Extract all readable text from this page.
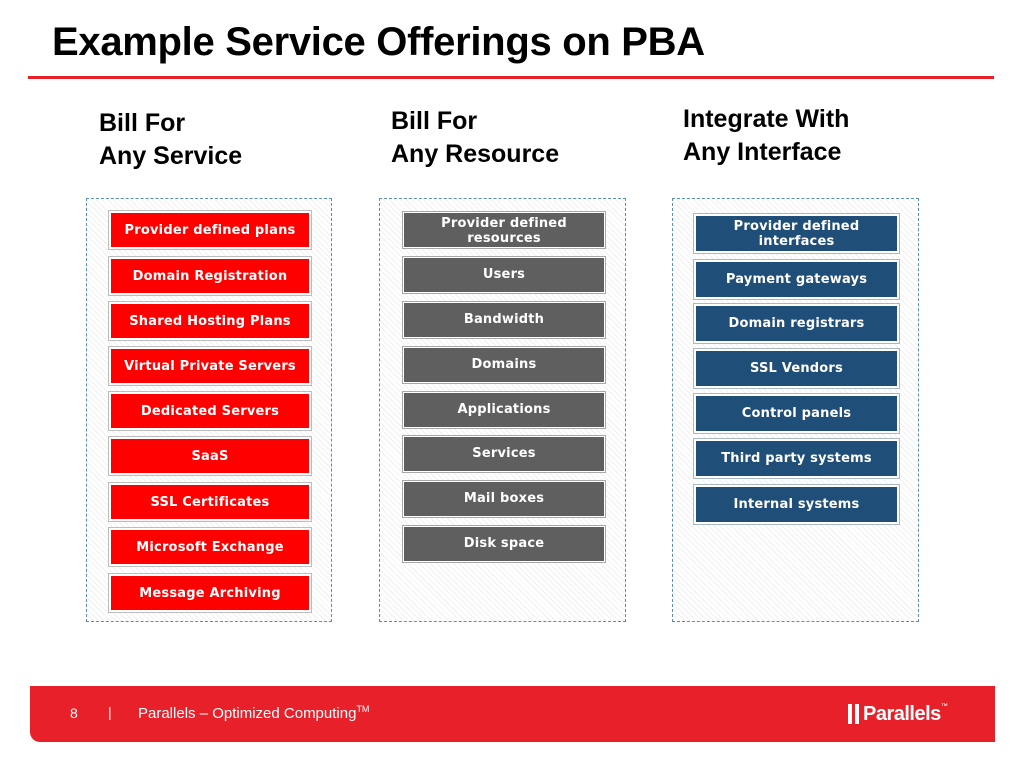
Example Service Offerings on PBA
Bill For
Any Service
Provider defined plans
Domain Registration
Shared Hosting Plans
Virtual Private Servers
Dedicated Servers
SaaS
SSL Certificates
Microsoft Exchange
Message Archiving
Bill For
Any Resource
Provider defined resources
Users
Bandwidth
Domains
Applications
Services
Mail boxes
Disk space
Integrate With
Any Interface
Provider defined interfaces
Payment gateways
Domain registrars
SSL Vendors
Control panels
Third party systems
Internal systems
8 | Parallels – Optimized Computing™	Parallels™
